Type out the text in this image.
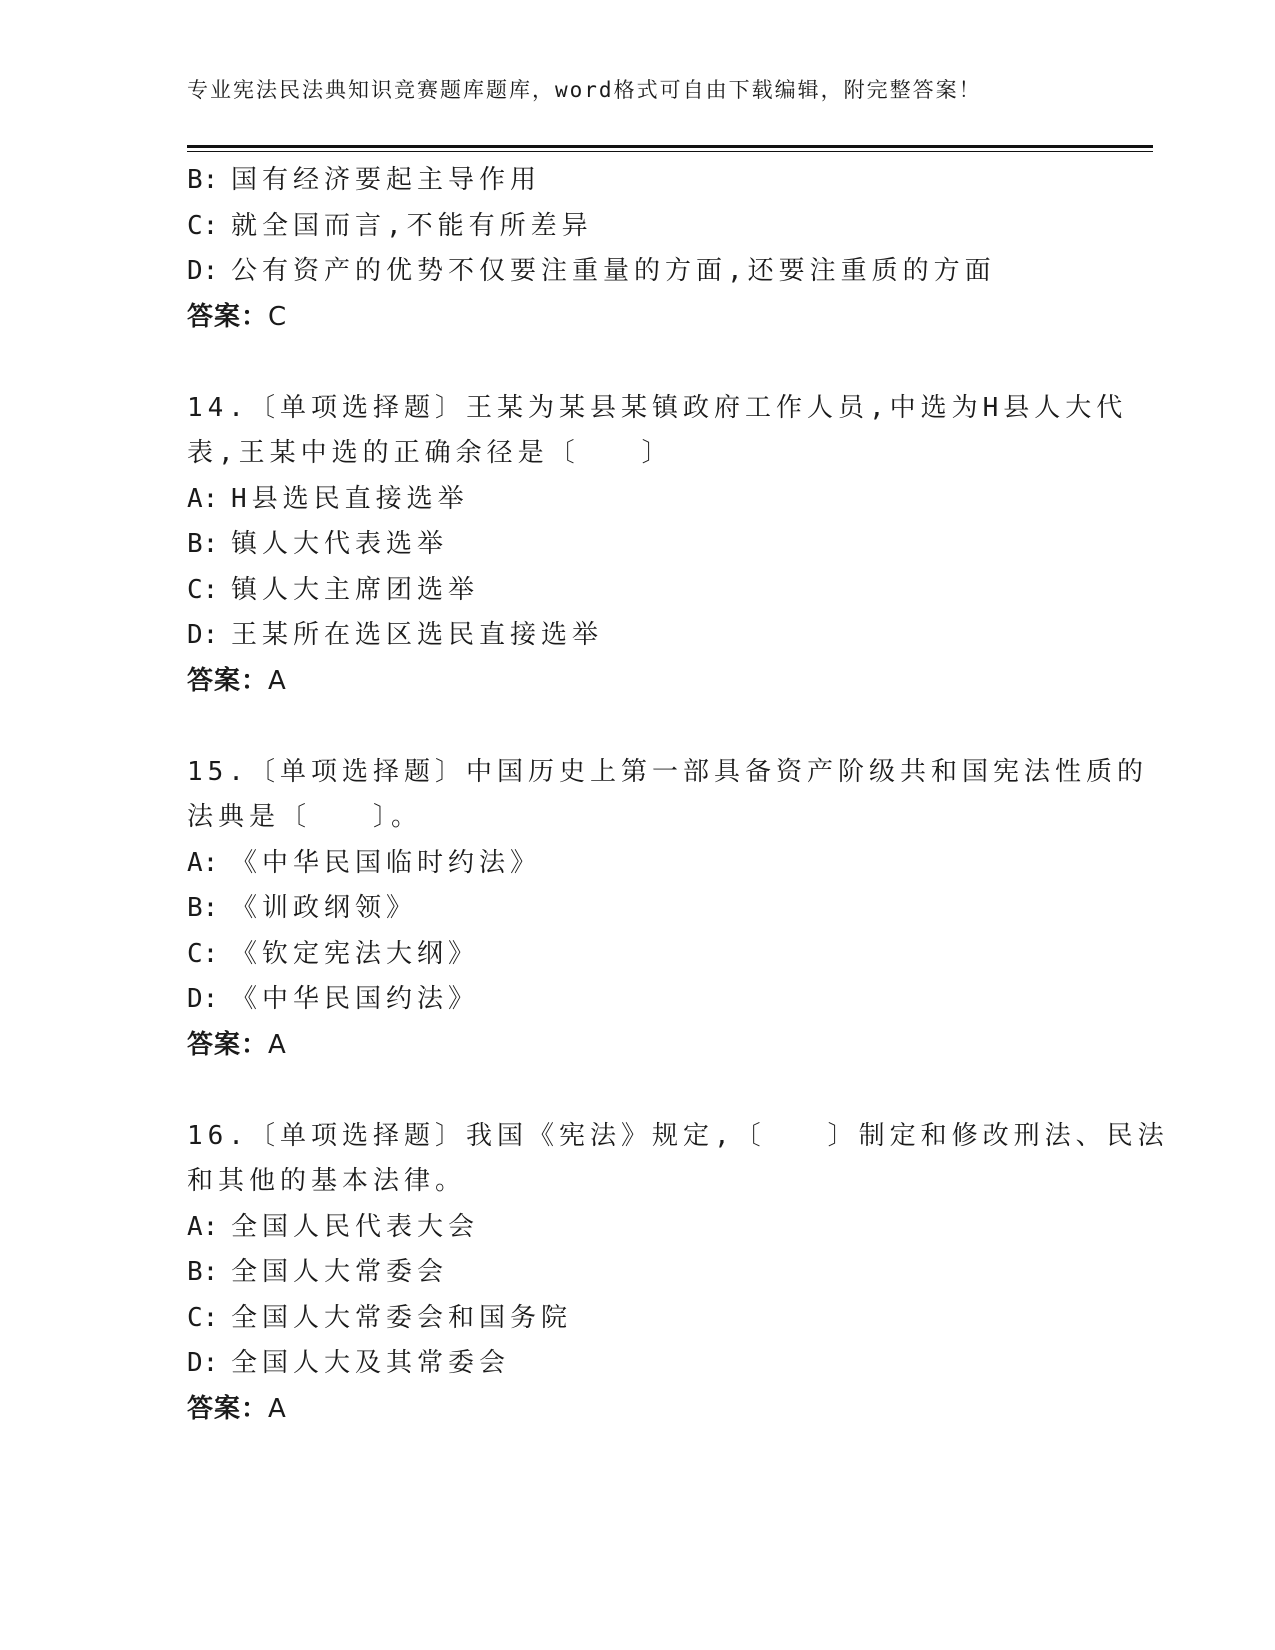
专业宪法民法典知识竞赛题库题库，word格式可自由下载编辑，附完整答案！
B: 国有经济要起主导作用
C: 就全国而言,不能有所差异
D: 公有资产的优势不仅要注重量的方面,还要注重质的方面
答案：C
14.〔单项选择题〕王某为某县某镇政府工作人员,中选为H县人大代
表,王某中选的正确余径是〔　　〕
A: H县选民直接选举
B: 镇人大代表选举
C: 镇人大主席团选举
D: 王某所在选区选民直接选举
答案：A
15.〔单项选择题〕中国历史上第一部具备资产阶级共和国宪法性质的
法典是〔　　〕。
A: 《中华民国临时约法》
B: 《训政纲领》
C: 《钦定宪法大纲》
D: 《中华民国约法》
答案：A
16.〔单项选择题〕我国《宪法》规定,〔　　〕制定和修改刑法、民法
和其他的基本法律。
A: 全国人民代表大会
B: 全国人大常委会
C: 全国人大常委会和国务院
D: 全国人大及其常委会
答案：A
